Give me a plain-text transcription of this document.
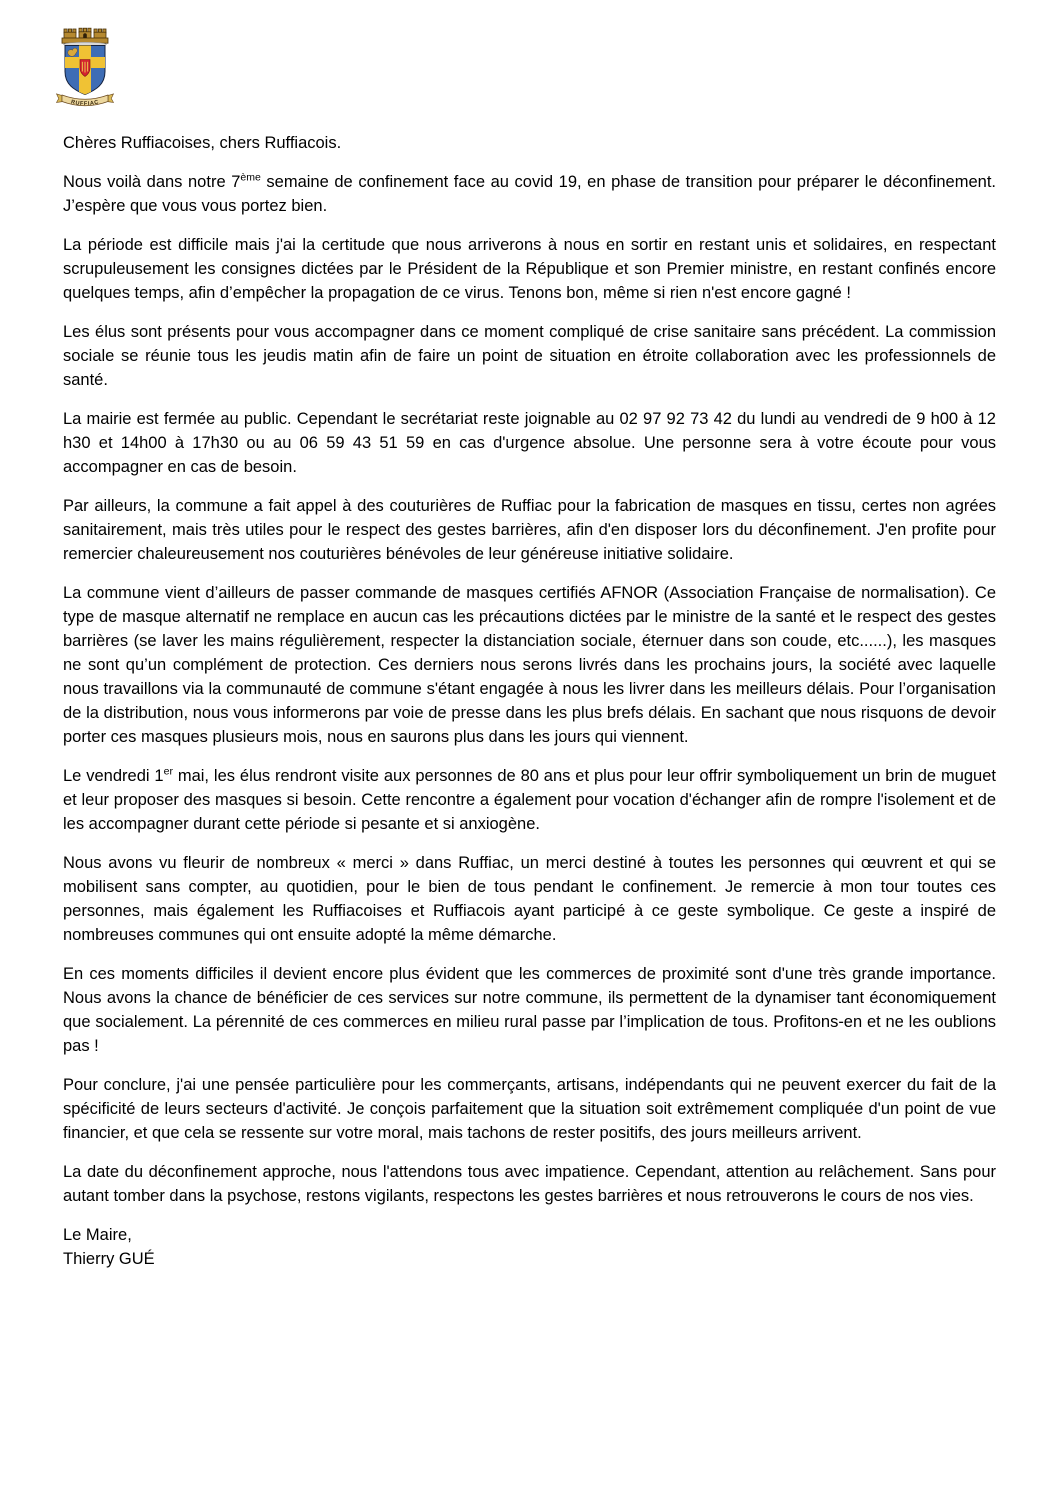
RUFFIAC

Chères Ruffiacoises, chers Ruffiacois.

Nous voilà dans notre 7ème semaine de confinement face au covid 19, en phase de transition pour préparer le déconfinement. J’espère que vous vous portez bien.

La période est difficile mais j'ai la certitude que nous arriverons à nous en sortir en restant unis et solidaires, en respectant scrupuleusement les consignes dictées par le Président de la République et son Premier ministre, en restant confinés encore quelques temps, afin d’empêcher la propagation de ce virus. Tenons bon, même si rien n'est encore gagné !

Les élus sont présents pour vous accompagner dans ce moment compliqué de crise sanitaire sans précédent. La commission sociale se réunie tous les jeudis matin afin de faire un point de situation en étroite collaboration avec les professionnels de santé.

La mairie est fermée au public. Cependant le secrétariat reste joignable au 02 97 92 73 42 du lundi au vendredi de 9 h00 à 12 h30 et 14h00 à 17h30 ou au 06 59 43 51 59 en cas d'urgence absolue. Une personne sera à votre écoute pour vous accompagner en cas de besoin.

Par ailleurs, la commune a fait appel à des couturières de Ruffiac pour la fabrication de masques en tissu, certes non agrées sanitairement, mais très utiles pour le respect des gestes barrières, afin d'en disposer lors du déconfinement. J'en profite pour remercier chaleureusement nos couturières bénévoles de leur généreuse initiative solidaire.

La commune vient d’ailleurs de passer commande de masques certifiés AFNOR (Association Française de normalisation). Ce type de masque alternatif ne remplace en aucun cas les précautions dictées par le ministre de la santé et le respect des gestes barrières (se laver les mains régulièrement, respecter la distanciation sociale, éternuer dans son coude, etc......), les masques ne sont qu’un complément de protection. Ces derniers nous serons livrés dans les prochains jours, la société avec laquelle nous travaillons via la communauté de commune s'étant engagée à nous les livrer dans les meilleurs délais. Pour l’organisation de la distribution, nous vous informerons par voie de presse dans les plus brefs délais. En sachant que nous risquons de devoir porter ces masques plusieurs mois, nous en saurons plus dans les jours qui viennent.

Le vendredi 1er mai, les élus rendront visite aux personnes de 80 ans et plus pour leur offrir symboliquement un brin de muguet et leur proposer des masques si besoin. Cette rencontre a également pour vocation d'échanger afin de rompre l'isolement et de les accompagner durant cette période si pesante et si anxiogène.

Nous avons vu fleurir de nombreux « merci » dans Ruffiac, un merci destiné à toutes les personnes qui œuvrent et qui se mobilisent sans compter, au quotidien, pour le bien de tous pendant le confinement. Je remercie à mon tour toutes ces personnes, mais également les Ruffiacoises et Ruffiacois ayant participé à ce geste symbolique. Ce geste a inspiré de nombreuses communes qui ont ensuite adopté la même démarche.

En ces moments difficiles il devient encore plus évident que les commerces de proximité sont d'une très grande importance. Nous avons la chance de bénéficier de ces services sur notre commune, ils permettent de la dynamiser tant économiquement que socialement. La pérennité de ces commerces en milieu rural passe par l’implication de tous. Profitons-en et ne les oublions pas !

Pour conclure, j'ai une pensée particulière pour les commerçants, artisans, indépendants qui ne peuvent exercer du fait de la spécificité de leurs secteurs d'activité. Je conçois parfaitement que la situation soit extrêmement compliquée d'un point de vue financier, et que cela se ressente sur votre moral, mais tachons de rester positifs, des jours meilleurs arrivent.

La date du déconfinement approche, nous l'attendons tous avec impatience. Cependant, attention au relâchement. Sans pour autant tomber dans la psychose, restons vigilants, respectons les gestes barrières et nous retrouverons le cours de nos vies.

Le Maire,
Thierry GUÉ
